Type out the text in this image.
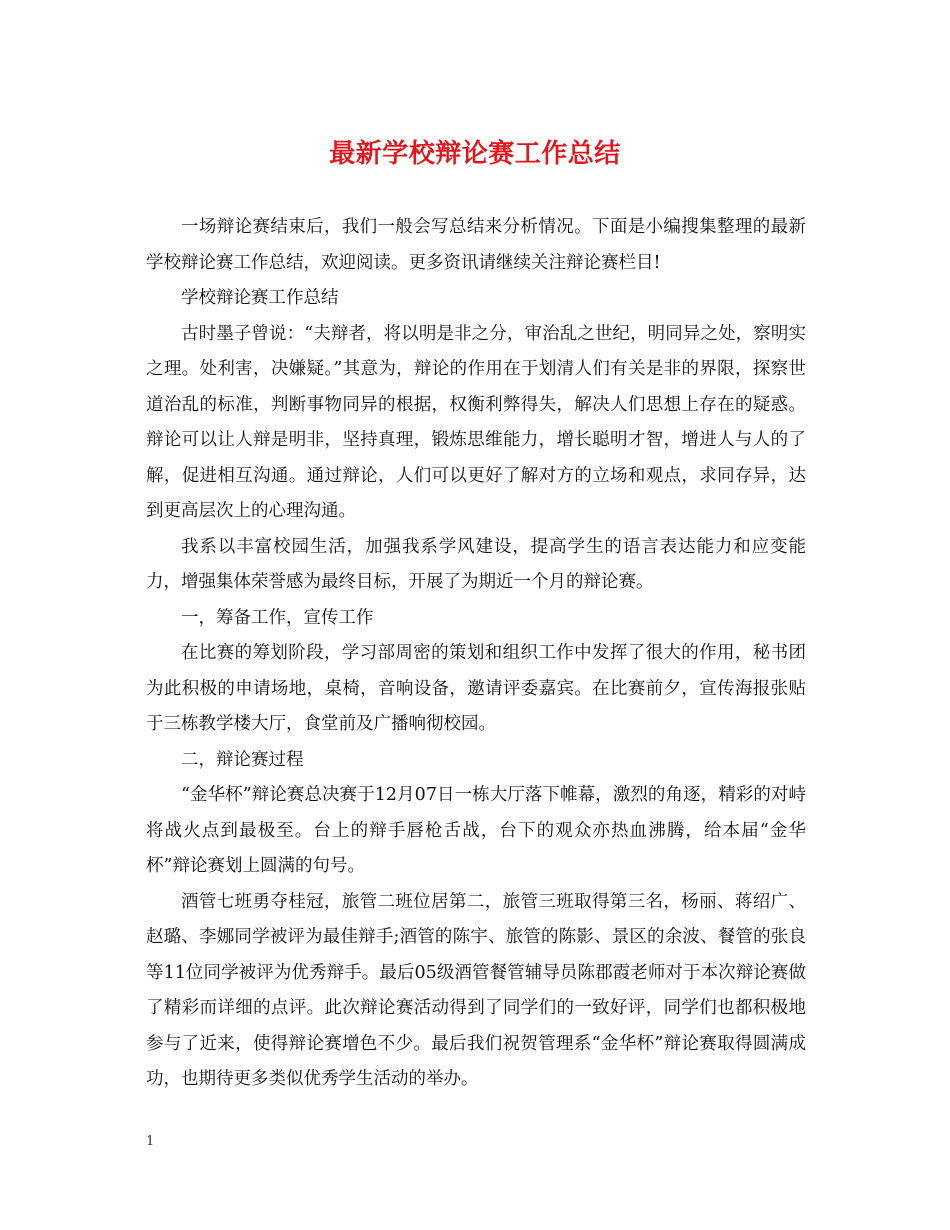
最新学校辩论赛工作总结

一场辩论赛结束后，我们一般会写总结来分析情况。下面是小编搜集整理的最新学校辩论赛工作总结，欢迎阅读。更多资讯请继续关注辩论赛栏目!

学校辩论赛工作总结

古时墨子曾说：“夫辩者，将以明是非之分，审治乱之世纪，明同异之处，察明实之理。处利害，决嫌疑。”其意为，辩论的作用在于划清人们有关是非的界限，探察世道治乱的标准，判断事物同异的根据，权衡利弊得失，解决人们思想上存在的疑惑。辩论可以让人辩是明非，坚持真理，锻炼思维能力，增长聪明才智，增进人与人的了解，促进相互沟通。通过辩论，人们可以更好了解对方的立场和观点，求同存异，达到更高层次上的心理沟通。

我系以丰富校园生活，加强我系学风建设，提高学生的语言表达能力和应变能力，增强集体荣誉感为最终目标，开展了为期近一个月的辩论赛。

一，筹备工作，宣传工作

在比赛的筹划阶段，学习部周密的策划和组织工作中发挥了很大的作用，秘书团为此积极的申请场地，桌椅，音响设备，邀请评委嘉宾。在比赛前夕，宣传海报张贴于三栋教学楼大厅，食堂前及广播响彻校园。

二，辩论赛过程

“金华杯”辩论赛总决赛于12月07日一栋大厅落下帷幕，激烈的角逐，精彩的对峙将战火点到最极至。台上的辩手唇枪舌战，台下的观众亦热血沸腾，给本届“金华杯”辩论赛划上圆满的句号。

酒管七班勇夺桂冠，旅管二班位居第二，旅管三班取得第三名，杨丽、蒋绍广、赵璐、李娜同学被评为最佳辩手;酒管的陈宇、旅管的陈影、景区的余波、餐管的张良等11位同学被评为优秀辩手。最后05级酒管餐管辅导员陈郡霞老师对于本次辩论赛做了精彩而详细的点评。此次辩论赛活动得到了同学们的一致好评，同学们也都积极地参与了近来，使得辩论赛增色不少。最后我们祝贺管理系“金华杯”辩论赛取得圆满成功，也期待更多类似优秀学生活动的举办。

1
